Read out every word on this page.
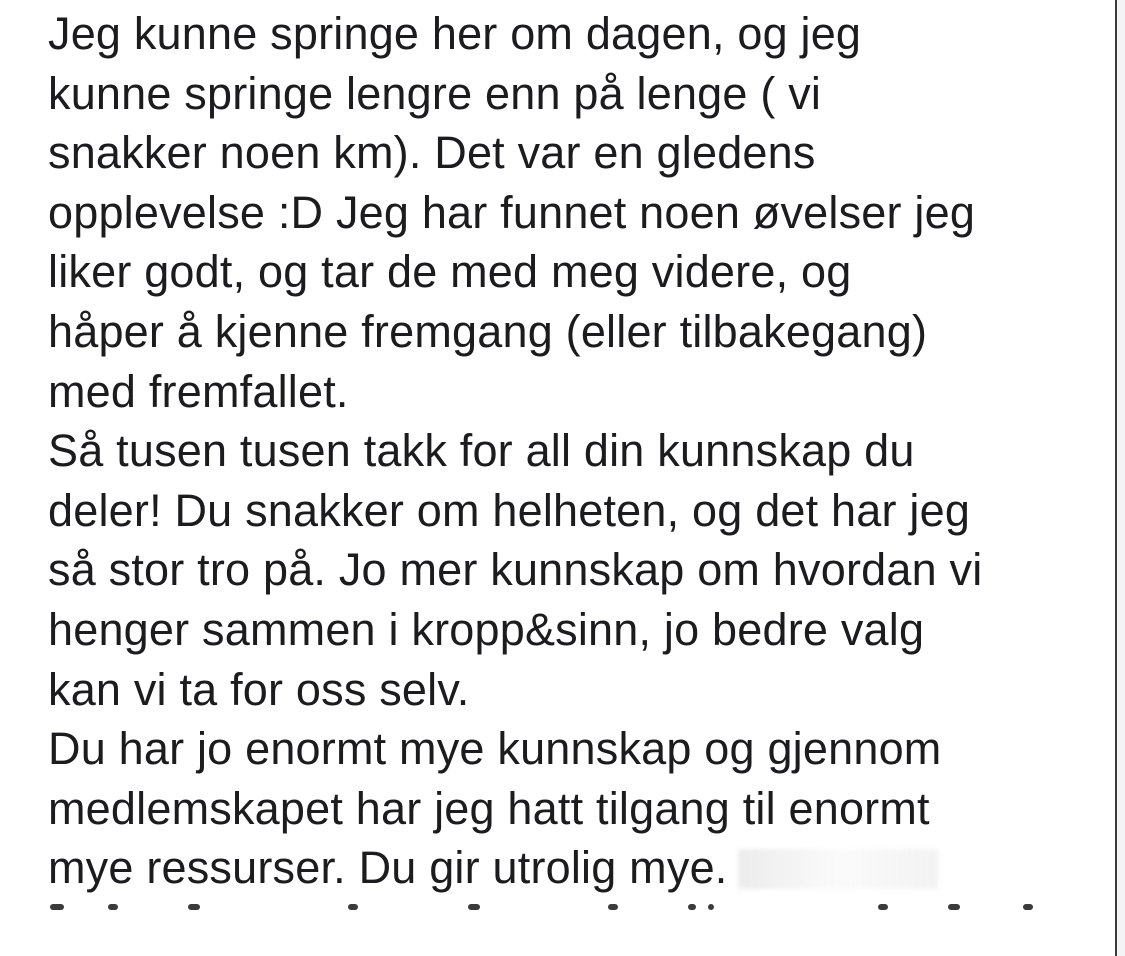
Jeg kunne springe her om dagen, og jeg
kunne springe lengre enn på lenge ( vi
snakker noen km). Det var en gledens
opplevelse :D Jeg har funnet noen øvelser jeg
liker godt, og tar de med meg videre, og
håper å kjenne fremgang (eller tilbakegang)
med fremfallet.
Så tusen tusen takk for all din kunnskap du
deler! Du snakker om helheten, og det har jeg
så stor tro på. Jo mer kunnskap om hvordan vi
henger sammen i kropp&sinn, jo bedre valg
kan vi ta for oss selv.
Du har jo enormt mye kunnskap og gjennom
medlemskapet har jeg hatt tilgang til enormt
mye ressurser. Du gir utrolig mye.
